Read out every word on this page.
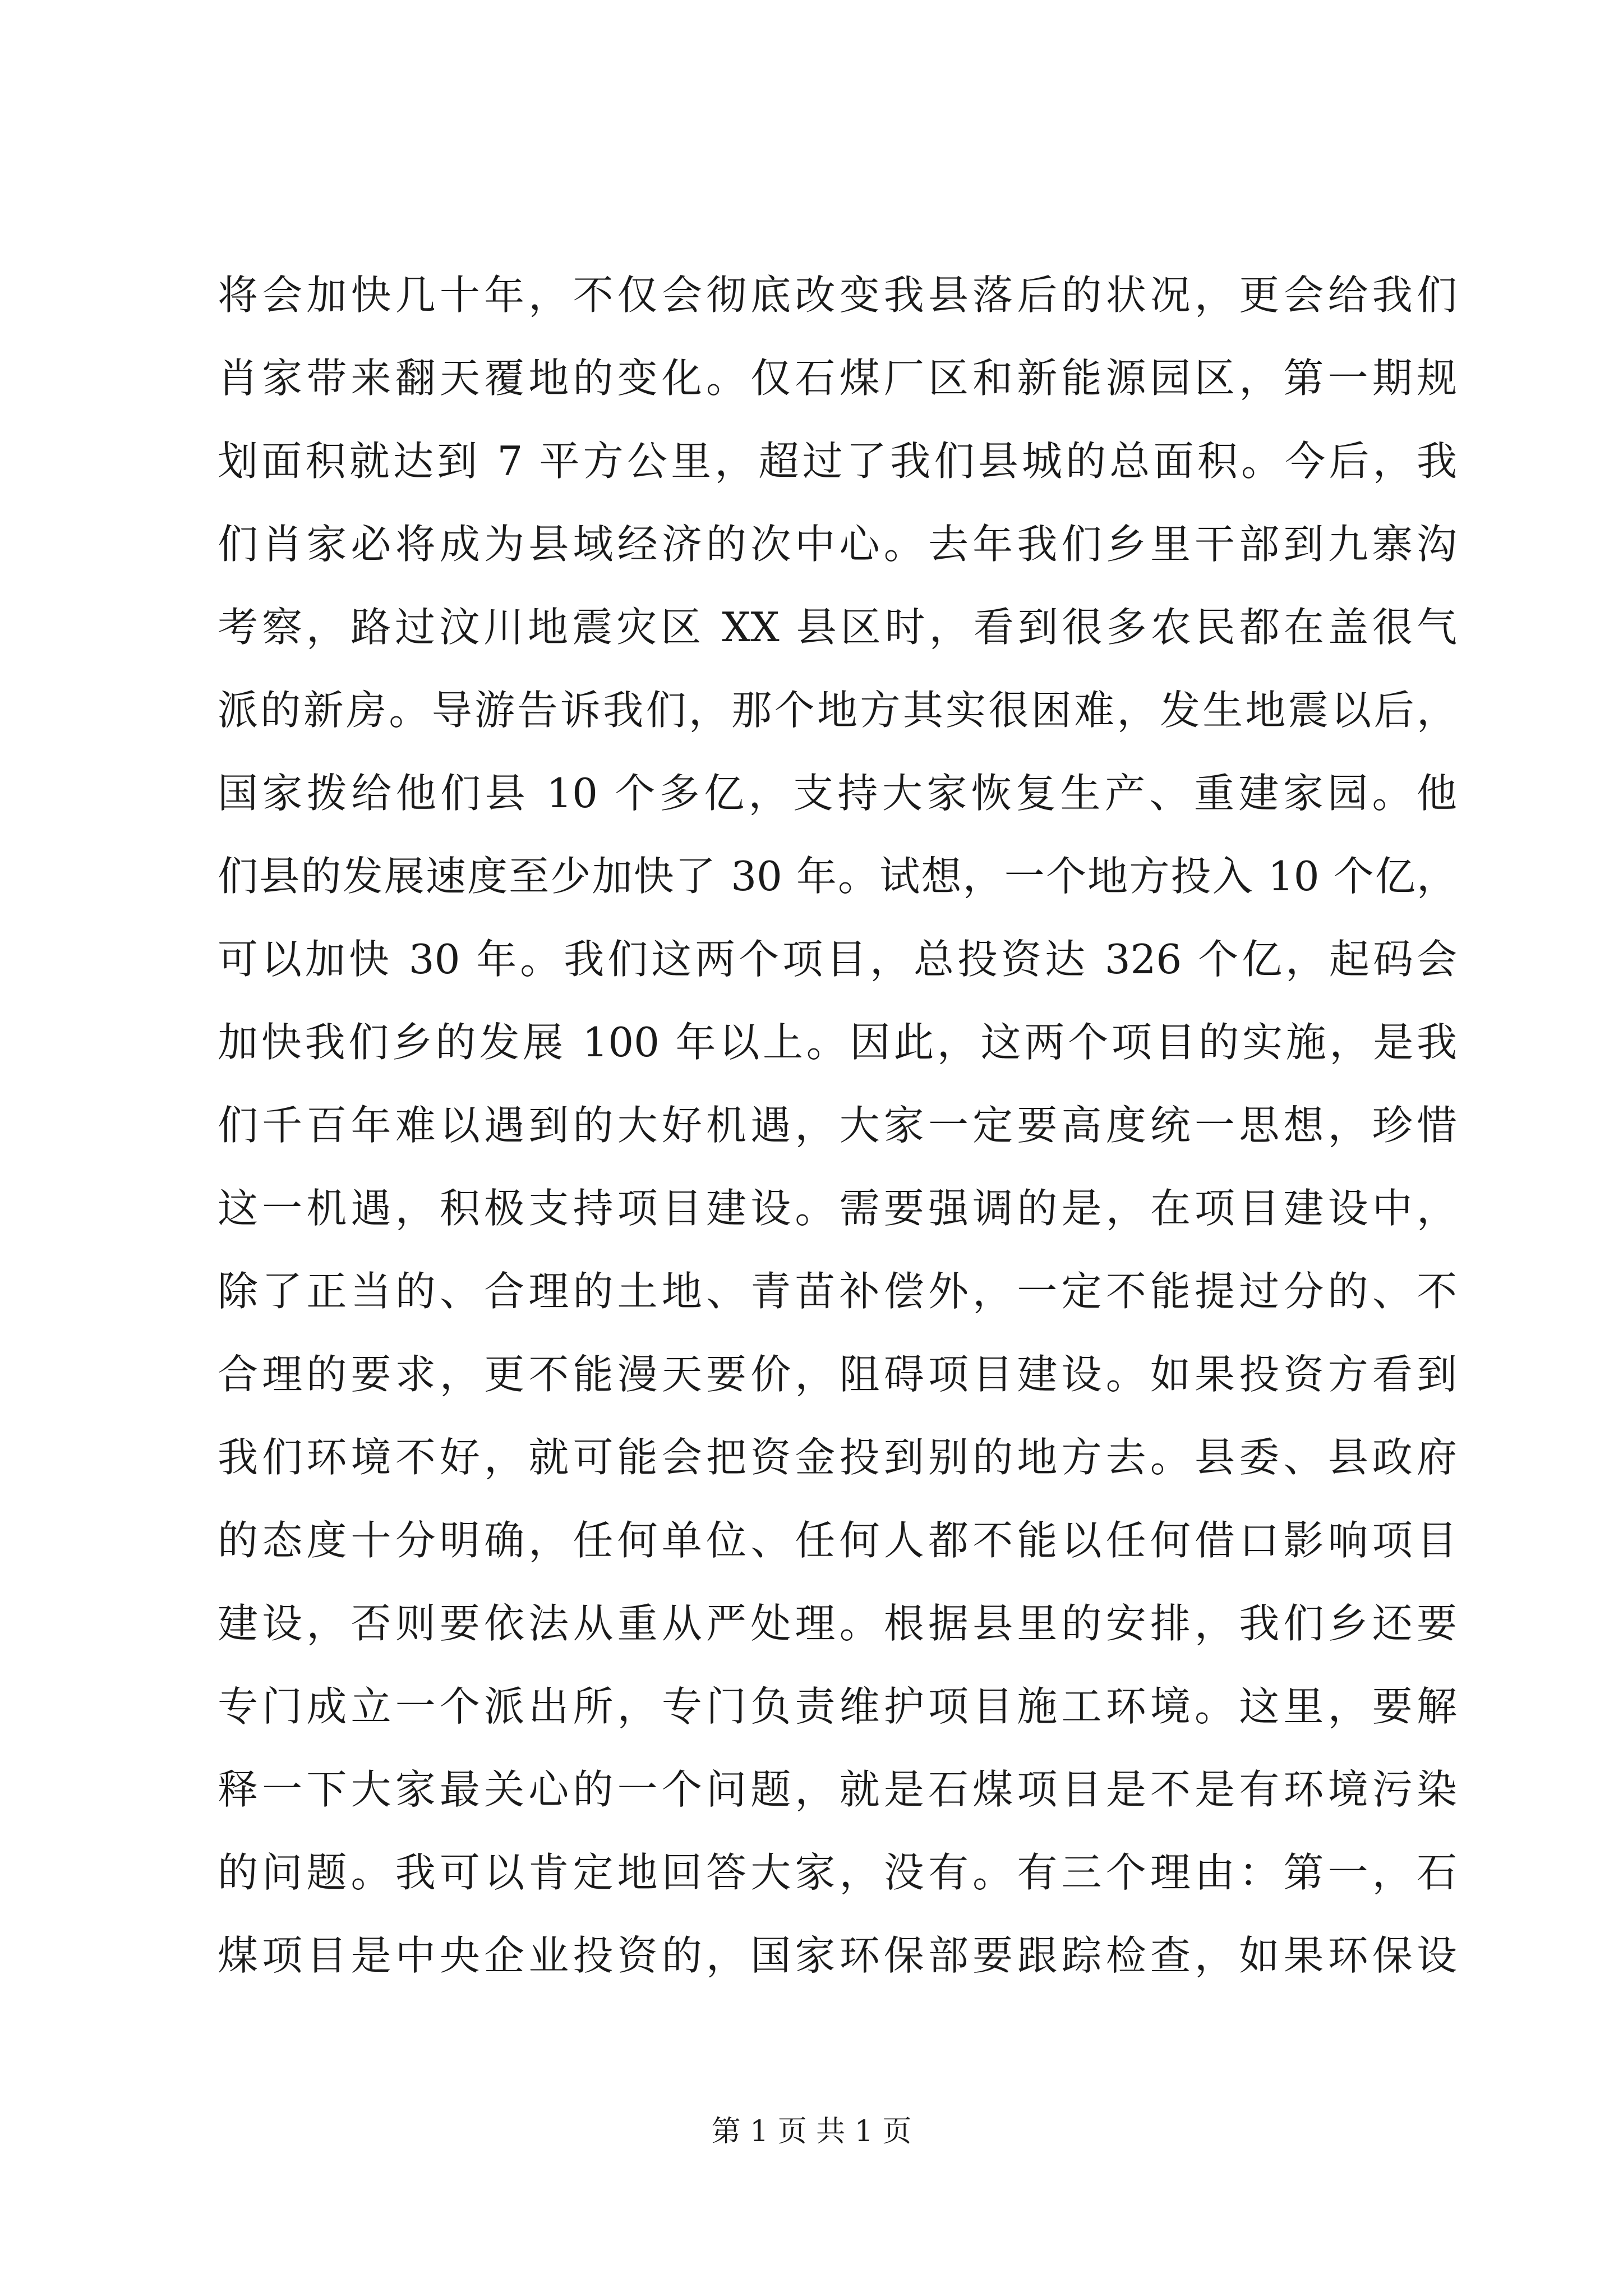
将会加快几十年，不仅会彻底改变我县落后的状况，更会给我们
肖家带来翻天覆地的变化。仅石煤厂区和新能源园区，第一期规
划面积就达到 7 平方公里，超过了我们县城的总面积。今后，我
们肖家必将成为县域经济的次中心。去年我们乡里干部到九寨沟
考察，路过汶川地震灾区 XX 县区时，看到很多农民都在盖很气
派的新房。导游告诉我们，那个地方其实很困难，发生地震以后，
国家拨给他们县 10 个多亿，支持大家恢复生产、重建家园。他
们县的发展速度至少加快了 30 年。试想，一个地方投入 10 个亿，
可以加快 30 年。我们这两个项目，总投资达 326 个亿，起码会
加快我们乡的发展 100 年以上。因此，这两个项目的实施，是我
们千百年难以遇到的大好机遇，大家一定要高度统一思想，珍惜
这一机遇，积极支持项目建设。需要强调的是，在项目建设中，
除了正当的、合理的土地、青苗补偿外，一定不能提过分的、不
合理的要求，更不能漫天要价，阻碍项目建设。如果投资方看到
我们环境不好，就可能会把资金投到别的地方去。县委、县政府
的态度十分明确，任何单位、任何人都不能以任何借口影响项目
建设，否则要依法从重从严处理。根据县里的安排，我们乡还要
专门成立一个派出所，专门负责维护项目施工环境。这里，要解
释一下大家最关心的一个问题，就是石煤项目是不是有环境污染
的问题。我可以肯定地回答大家，没有。有三个理由：第一，石
煤项目是中央企业投资的，国家环保部要跟踪检查，如果环保设
第 1 页 共 1 页
